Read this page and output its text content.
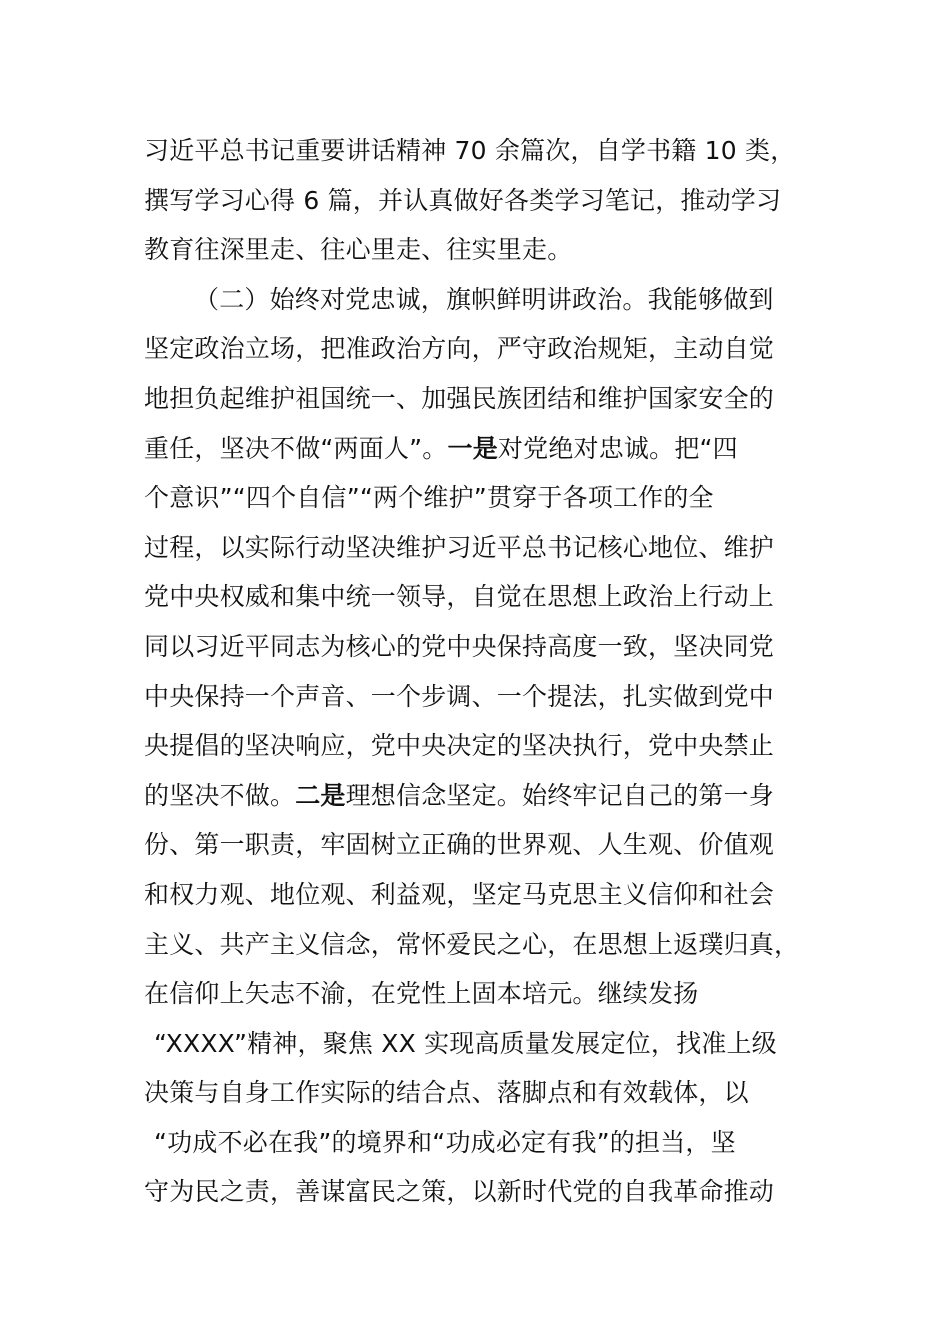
习近平总书记重要讲话精神 70 余篇次，自学书籍 10 类，
撰写学习心得 6 篇，并认真做好各类学习笔记，推动学习
教育往深里走、往心里走、往实里走。
（二）始终对党忠诚，旗帜鲜明讲政治。我能够做到
坚定政治立场，把准政治方向，严守政治规矩，主动自觉
地担负起维护祖国统一、加强民族团结和维护国家安全的
重任，坚决不做“两面人”。一是对党绝对忠诚。把“四
个意识”“四个自信”“两个维护”贯穿于各项工作的全
过程，以实际行动坚决维护习近平总书记核心地位、维护
党中央权威和集中统一领导，自觉在思想上政治上行动上
同以习近平同志为核心的党中央保持高度一致，坚决同党
中央保持一个声音、一个步调、一个提法，扎实做到党中
央提倡的坚决响应，党中央决定的坚决执行，党中央禁止
的坚决不做。二是理想信念坚定。始终牢记自己的第一身
份、第一职责，牢固树立正确的世界观、人生观、价值观
和权力观、地位观、利益观，坚定马克思主义信仰和社会
主义、共产主义信念，常怀爱民之心，在思想上返璞归真，
在信仰上矢志不渝，在党性上固本培元。继续发扬
“XXXX”精神，聚焦 XX 实现高质量发展定位，找准上级
决策与自身工作实际的结合点、落脚点和有效载体，以
“功成不必在我”的境界和“功成必定有我”的担当，坚
守为民之责，善谋富民之策，以新时代党的自我革命推动
